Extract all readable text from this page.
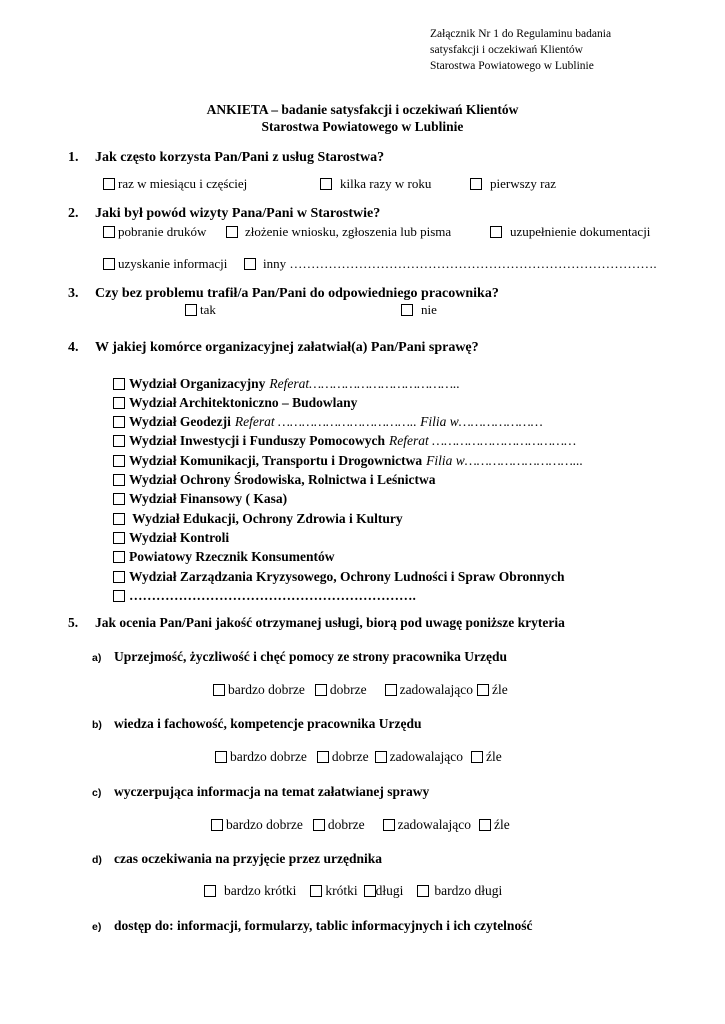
Załącznik Nr 1 do Regulaminu badania
satysfakcji i oczekiwań Klientów
Starostwa Powiatowego w Lublinie
ANKIETA – badanie satysfakcji i oczekiwań Klientów
Starostwa Powiatowego w Lublinie
1. Jak często korzysta Pan/Pani z usług Starostwa?
raz w miesiącu i częściej	kilka razy w roku	pierwszy raz
2. Jaki był powód wizyty Pana/Pani w Starostwie?
pobranie druków	złożenie wniosku, zgłoszenia lub pisma	uzupełnienie dokumentacji
uzyskanie informacji	inny ………………………………………………………………………….
3. Czy bez problemu trafił/a Pan/Pani do odpowiedniego pracownika?
tak	nie
4. W jakiej komórce organizacyjnej załatwiał(a) Pan/Pani sprawę?
Wydział Organizacyjny Referat………………………………..
Wydział Architektoniczno – Budowlany
Wydział Geodezji Referat …………………………….. Filia w…………………
Wydział Inwestycji i Funduszy Pomocowych Referat ………………………………
Wydział Komunikacji, Transportu i Drogownictwa Filia w………………………...
Wydział Ochrony Środowiska, Rolnictwa i Leśnictwa
Wydział Finansowy ( Kasa)
Wydział Edukacji, Ochrony Zdrowia i Kultury
Wydział Kontroli
Powiatowy Rzecznik Konsumentów
Wydział Zarządzania Kryzysowego, Ochrony Ludności i Spraw Obronnych
……………………………………………………….
5. Jak ocenia Pan/Pani jakość otrzymanej usługi, biorą pod uwagę poniższe kryteria
a) Uprzejmość, życzliwość i chęć pomocy ze strony pracownika Urzędu
bardzo dobrze dobrze zadowalająco źle
b) wiedza i fachowość, kompetencje pracownika Urzędu
bardzo dobrze dobrze zadowalająco źle
c) wyczerpująca informacja na temat załatwianej sprawy
bardzo dobrze dobrze zadowalająco źle
d) czas oczekiwania na przyjęcie przez urzędnika
bardzo krótki krótki długi bardzo długi
e) dostęp do: informacji, formularzy, tablic informacyjnych i ich czytelność
